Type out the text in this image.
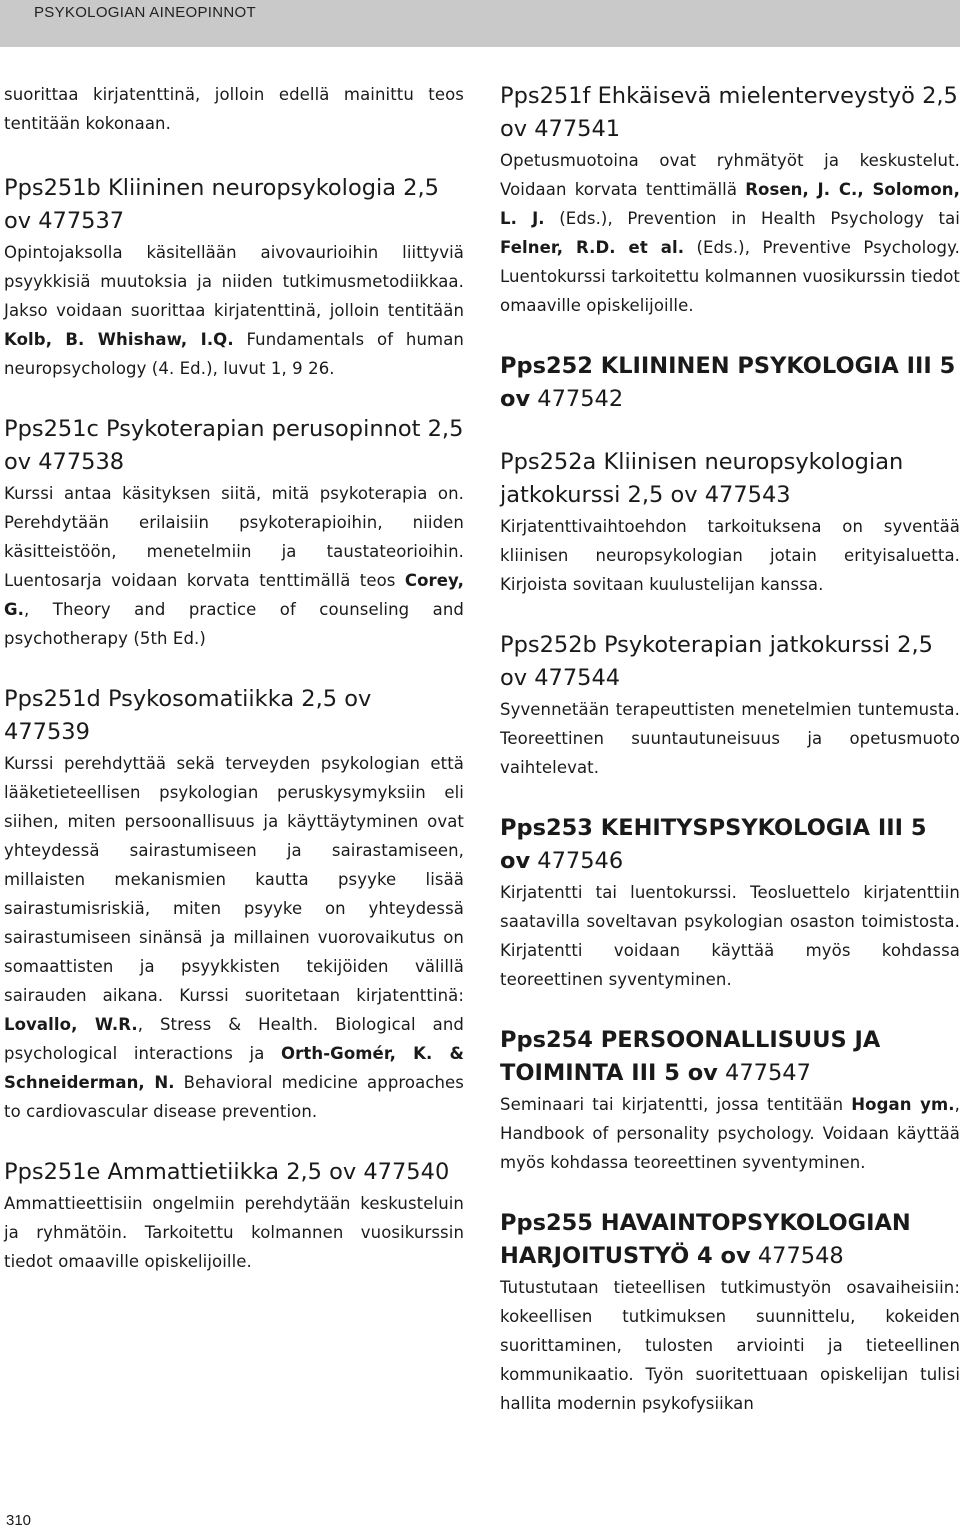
PSYKOLOGIAN AINEOPINNOT

suorittaa kirjatenttinä, jolloin edellä mainittu teos tentitään kokonaan.

Pps251b Kliininen neuropsykologia 2,5 ov 477537

Opintojaksolla käsitellään aivovaurioihin liittyviä psyykkisiä muutoksia ja niiden tutkimusmetodiikkaa. Jakso voidaan suorittaa kirjatenttinä, jolloin tentitään Kolb, B. Whishaw, I.Q. Fundamentals of human neuropsychology (4. Ed.), luvut 1, 9 26.

Pps251c Psykoterapian perusopinnot 2,5 ov 477538

Kurssi antaa käsityksen siitä, mitä psykoterapia on. Perehdytään erilaisiin psykoterapioihin, niiden käsitteistöön, menetelmiin ja taustateorioihin. Luentosarja voidaan korvata tenttimällä teos Corey, G., Theory and practice of counseling and psychotherapy (5th Ed.)

Pps251d Psykosomatiikka 2,5 ov 477539

Kurssi perehdyttää sekä terveyden psykologian että lääketieteellisen psykologian peruskysymyksiin eli siihen, miten persoonallisuus ja käyttäytyminen ovat yhteydessä sairastumiseen ja sairastamiseen, millaisten mekanismien kautta psyyke lisää sairastumisriskiä, miten psyyke on yhteydessä sairastumiseen sinänsä ja millainen vuorovaikutus on somaattisten ja psyykkisten tekijöiden välillä sairauden aikana. Kurssi suoritetaan kirjatenttinä: Lovallo, W.R., Stress & Health. Biological and psychological interactions ja Orth-Gomér, K. & Schneiderman, N. Behavioral medicine approaches to cardiovascular disease prevention.

Pps251e Ammattietiikka 2,5 ov 477540

Ammattieettisiin ongelmiin perehdytään keskusteluin ja ryhmätöin. Tarkoitettu kolmannen vuosikurssin tiedot omaaville opiskelijoille.

Pps251f Ehkäisevä mielenterveystyö 2,5 ov 477541

Opetusmuotoina ovat ryhmätyöt ja keskustelut. Voidaan korvata tenttimällä Rosen, J. C., Solomon, L. J. (Eds.), Prevention in Health Psychology tai Felner, R.D. et al. (Eds.), Preventive Psychology. Luentokurssi tarkoitettu kolmannen vuosikurssin tiedot omaaville opiskelijoille.

Pps252 KLIININEN PSYKOLOGIA III 5 ov 477542
Pps252a Kliinisen neuropsykologian jatkokurssi 2,5 ov 477543

Kirjatenttivaihtoehdon tarkoituksena on syventää kliinisen neuropsykologian jotain erityisaluetta. Kirjoista sovitaan kuulustelijan kanssa.

Pps252b Psykoterapian jatkokurssi 2,5 ov 477544

Syvennetään terapeuttisten menetelmien tuntemusta. Teoreettinen suuntautuneisuus ja opetusmuoto vaihtelevat.

Pps253 KEHITYSPSYKOLOGIA III 5 ov 477546

Kirjatentti tai luentokurssi. Teosluettelo kirjatenttiin saatavilla soveltavan psykologian osaston toimistosta. Kirjatentti voidaan käyttää myös kohdassa teoreettinen syventyminen.

Pps254 PERSOONALLISUUS JA TOIMINTA III 5 ov 477547

Seminaari tai kirjatentti, jossa tentitään Hogan ym., Handbook of personality psychology. Voidaan käyttää myös kohdassa teoreettinen syventyminen.

Pps255 HAVAINTOPSYKOLOGIAN HARJOITUSTYÖ 4 ov 477548

Tutustutaan tieteellisen tutkimustyön osavaiheisiin: kokeellisen tutkimuksen suunnittelu, kokeiden suorittaminen, tulosten arviointi ja tieteellinen kommunikaatio. Työn suoritettuaan opiskelijan tulisi hallita modernin psykofysiikan

310
